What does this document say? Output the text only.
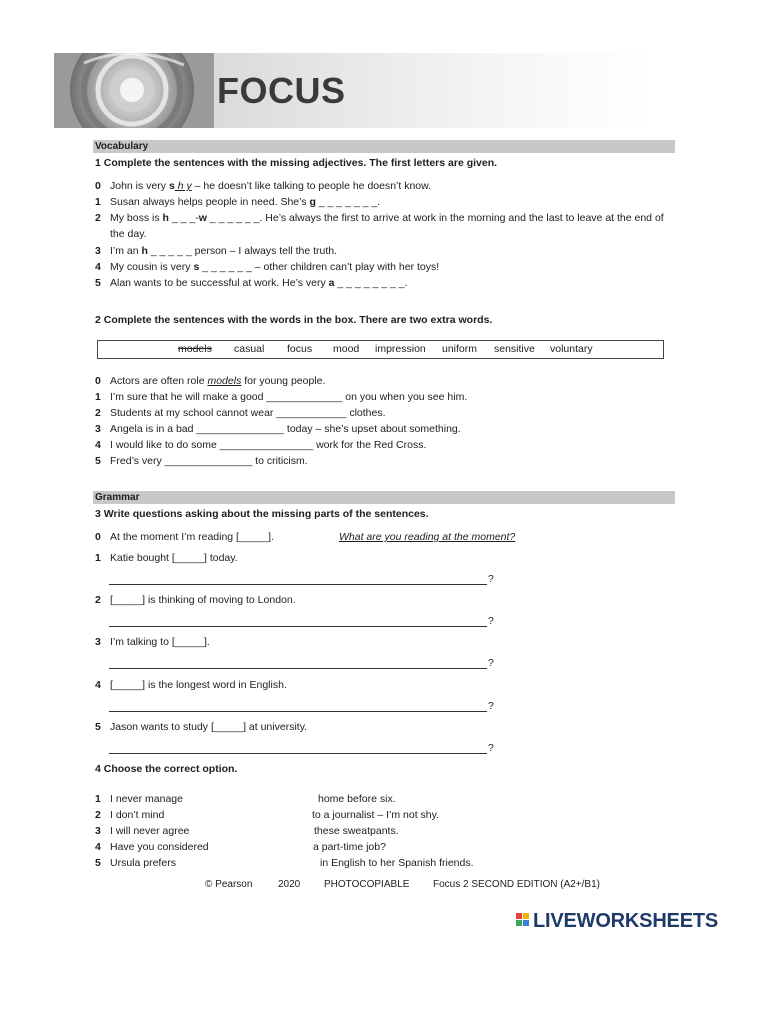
FOCUS
Vocabulary
1 Complete the sentences with the missing adjectives. The first letters are given.
0 John is very s h y – he doesn’t like talking to people he doesn’t know.
1 Susan always helps people in need. She’s g _ _ _ _ _ _ _.
2 My boss is h _ _ _-w _ _ _ _ _ _. He’s always the first to arrive at work in the morning and the last to leave at the end of the day.
3 I’m an h _ _ _ _ _ person – I always tell the truth.
4 My cousin is very s _ _ _ _ _ _ – other children can’t play with her toys!
5 Alan wants to be successful at work. He’s very a _ _ _ _ _ _ _ _.
2 Complete the sentences with the words in the box. There are two extra words.
models casual focus mood impression uniform sensitive voluntary
0 Actors are often role models for young people.
1 I’m sure that he will make a good _____________ on you when you see him.
2 Students at my school cannot wear ____________ clothes.
3 Angela is in a bad _______________ today – she’s upset about something.
4 I would like to do some ________________ work for the Red Cross.
5 Fred’s very _______________ to criticism.
Grammar
3 Write questions asking about the missing parts of the sentences.
0 At the moment I’m reading [_____].	What are you reading at the moment?
1 Katie bought [_____] today.
?
2 [_____] is thinking of moving to London.
?
3 I’m talking to [_____].
?
4 [_____] is the longest word in English.
?
5 Jason wants to study [_____] at university.
?
4 Choose the correct option.
1 I never manage	home before six.
2 I don’t mind	to a journalist – I’m not shy.
3 I will never agree	these sweatpants.
4 Have you considered	a part-time job?
5 Ursula prefers	in English to her Spanish friends.
© Pearson	2020 PHOTOCOPIABLE Focus 2 SECOND EDITION (A2+/B1)
LIVEWORKSHEETS
